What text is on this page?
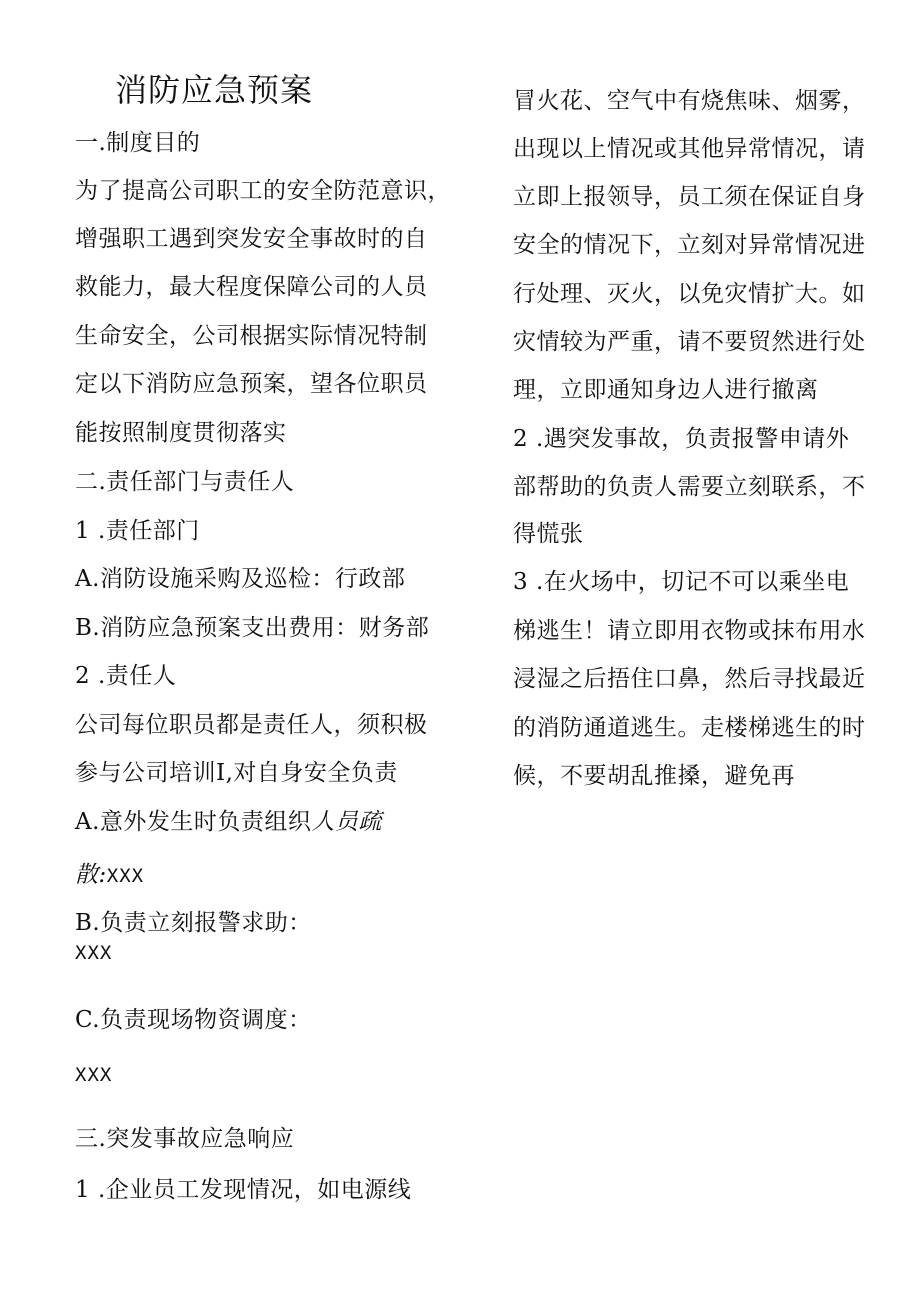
消防应急预案
一.制度目的
为了提高公司职工的安全防范意识，
增强职工遇到突发安全事故时的自
救能力，最大程度保障公司的人员
生命安全，公司根据实际情况特制
定以下消防应急预案，望各位职员
能按照制度贯彻落实
二.责任部门与责任人
1 .责任部门
A.消防设施采购及巡检：行政部
B.消防应急预案支出费用：财务部
2 .责任人
公司每位职员都是责任人，须积极
参与公司培训I,对自身安全负责
A.意外发生时负责组织人员疏
散:XXX
B.负责立刻报警求助：
XXX
C.负责现场物资调度：
XXX
三.突发事故应急响应
1 .企业员工发现情况，如电源线
冒火花、空气中有烧焦味、烟雾，
出现以上情况或其他异常情况，请
立即上报领导，员工须在保证自身
安全的情况下，立刻对异常情况进
行处理、灭火，以免灾情扩大。如
灾情较为严重，请不要贸然进行处
理，立即通知身边人进行撤离
2 .遇突发事故，负责报警申请外
部帮助的负责人需要立刻联系，不
得慌张
3 .在火场中，切记不可以乘坐电
梯逃生！请立即用衣物或抹布用水
浸湿之后捂住口鼻，然后寻找最近
的消防通道逃生。走楼梯逃生的时
候，不要胡乱推搡，避免再
